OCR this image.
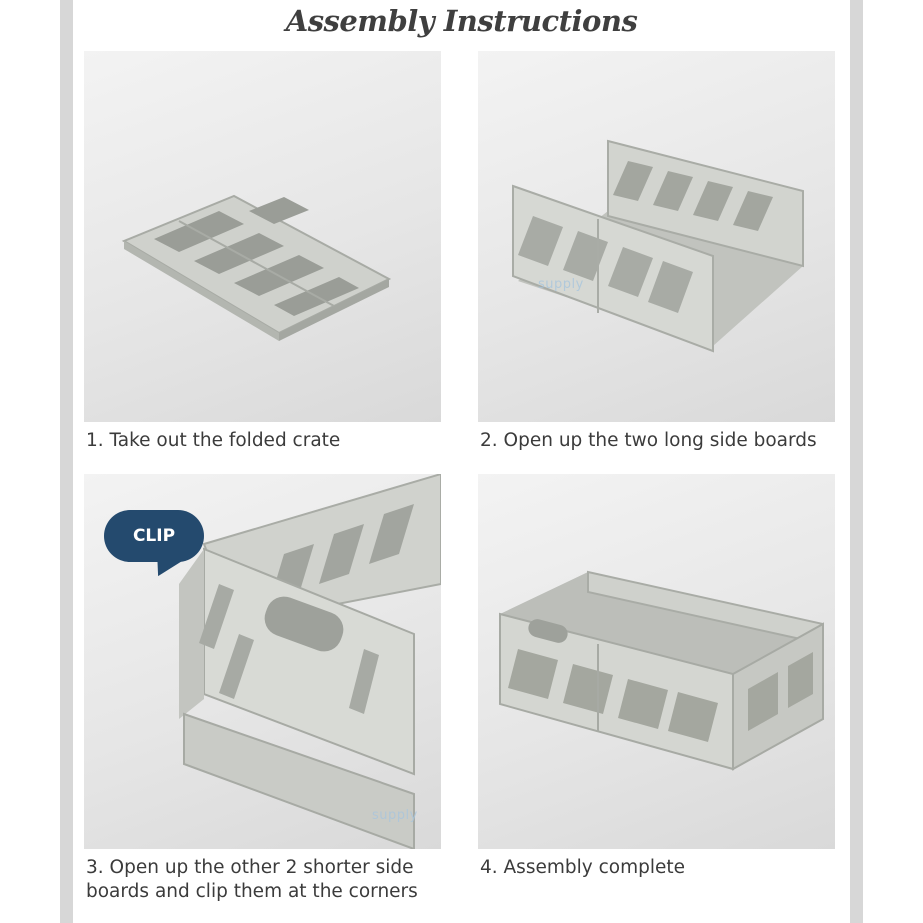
Assembly Instructions
supply
supply
CLIP
1. Take out the folded crate	2. Open up the two long side boards
3. Open up the other 2 shorter side
boards and clip them at the corners
4. Assembly complete
